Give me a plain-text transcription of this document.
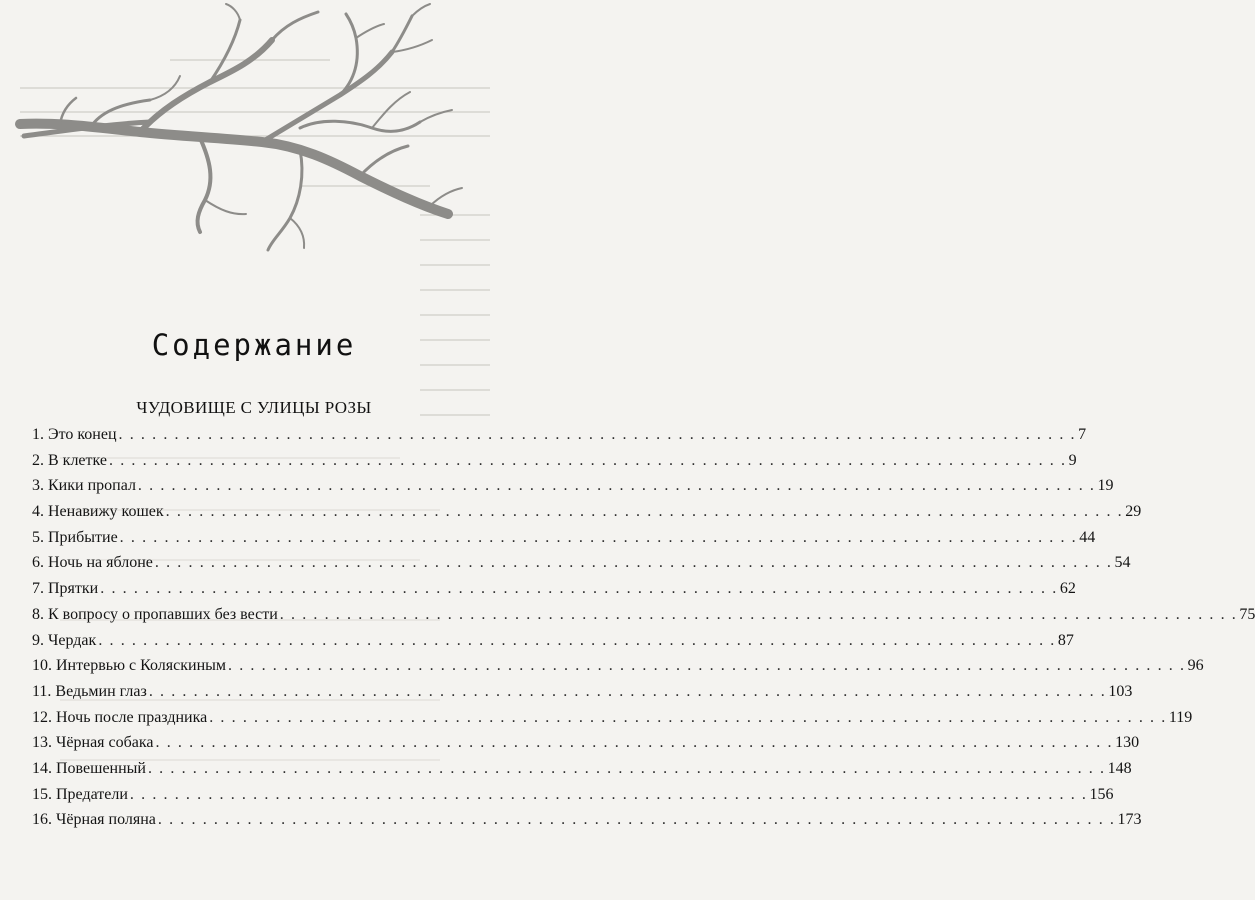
Содержание
ЧУДОВИЩЕ С УЛИЦЫ РОЗЫ
1. Это конец . . . . . . . . . . . . . . . . . . . . . . . . . . . . . . . . . . . . . . . . . . . . . . . . . . . . . . . . . . . . . . . . . . . . . . . . . . . . . . . . . . . . . . 7
2. В клетке . . . . . . . . . . . . . . . . . . . . . . . . . . . . . . . . . . . . . . . . . . . . . . . . . . . . . . . . . . . . . . . . . . . . . . . . . . . . . . . . . . . . . . 9
3. Кики пропал . . . . . . . . . . . . . . . . . . . . . . . . . . . . . . . . . . . . . . . . . . . . . . . . . . . . . . . . . . . . . . . . . . . . . . . . . . . . . . . . . . . . . . 19
4. Ненавижу кошек . . . . . . . . . . . . . . . . . . . . . . . . . . . . . . . . . . . . . . . . . . . . . . . . . . . . . . . . . . . . . . . . . . . . . . . . . . . . . . . . . . . . . . 29
5. Прибытие . . . . . . . . . . . . . . . . . . . . . . . . . . . . . . . . . . . . . . . . . . . . . . . . . . . . . . . . . . . . . . . . . . . . . . . . . . . . . . . . . . . . . . 44
6. Ночь на яблоне . . . . . . . . . . . . . . . . . . . . . . . . . . . . . . . . . . . . . . . . . . . . . . . . . . . . . . . . . . . . . . . . . . . . . . . . . . . . . . . . . . . . . . 54
7. Прятки . . . . . . . . . . . . . . . . . . . . . . . . . . . . . . . . . . . . . . . . . . . . . . . . . . . . . . . . . . . . . . . . . . . . . . . . . . . . . . . . . . . . . . 62
8. К вопросу о пропавших без вести . . . . . . . . . . . . . . . . . . . . . . . . . . . . . . . . . . . . . . . . . . . . . . . . . . . . . . . . . . . . . . . . . . . . . . . . . . . . . . . . . . . . . . 75
9. Чердак . . . . . . . . . . . . . . . . . . . . . . . . . . . . . . . . . . . . . . . . . . . . . . . . . . . . . . . . . . . . . . . . . . . . . . . . . . . . . . . . . . . . . . 87
10. Интервью с Коляскиным . . . . . . . . . . . . . . . . . . . . . . . . . . . . . . . . . . . . . . . . . . . . . . . . . . . . . . . . . . . . . . . . . . . . . . . . . . . . . . . . . . . . . . 96
11. Ведьмин глаз . . . . . . . . . . . . . . . . . . . . . . . . . . . . . . . . . . . . . . . . . . . . . . . . . . . . . . . . . . . . . . . . . . . . . . . . . . . . . . . . . . . . . . 103
12. Ночь после праздника . . . . . . . . . . . . . . . . . . . . . . . . . . . . . . . . . . . . . . . . . . . . . . . . . . . . . . . . . . . . . . . . . . . . . . . . . . . . . . . . . . . . . . 119
13. Чёрная собака . . . . . . . . . . . . . . . . . . . . . . . . . . . . . . . . . . . . . . . . . . . . . . . . . . . . . . . . . . . . . . . . . . . . . . . . . . . . . . . . . . . . . . 130
14. Повешенный . . . . . . . . . . . . . . . . . . . . . . . . . . . . . . . . . . . . . . . . . . . . . . . . . . . . . . . . . . . . . . . . . . . . . . . . . . . . . . . . . . . . . . 148
15. Предатели . . . . . . . . . . . . . . . . . . . . . . . . . . . . . . . . . . . . . . . . . . . . . . . . . . . . . . . . . . . . . . . . . . . . . . . . . . . . . . . . . . . . . . 156
16. Чёрная поляна . . . . . . . . . . . . . . . . . . . . . . . . . . . . . . . . . . . . . . . . . . . . . . . . . . . . . . . . . . . . . . . . . . . . . . . . . . . . . . . . . . . . . . 173
